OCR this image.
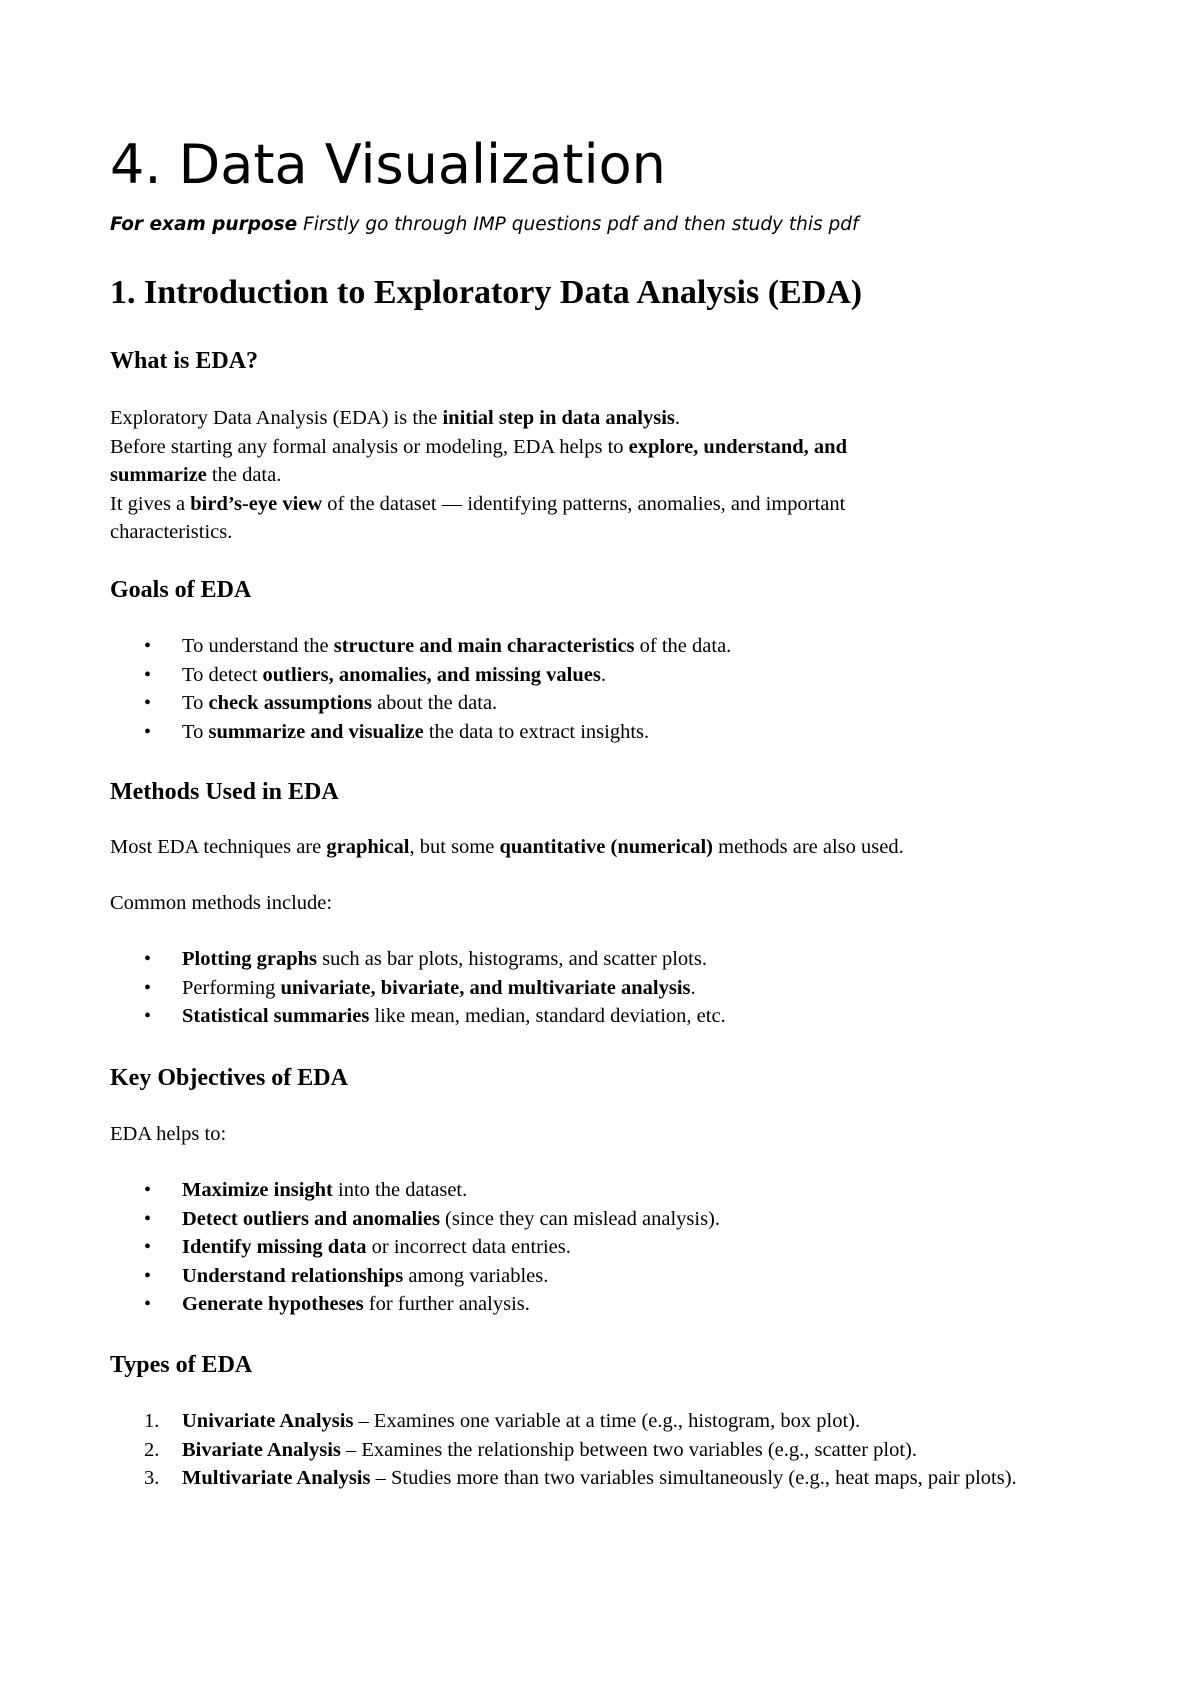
4. Data Visualization

For exam purpose Firstly go through IMP questions pdf and then study this pdf

1. Introduction to Exploratory Data Analysis (EDA)
What is EDA?
Exploratory Data Analysis (EDA) is the initial step in data analysis.
Before starting any formal analysis or modeling, EDA helps to explore, understand, and
summarize the data.
It gives a bird’s-eye view of the dataset — identifying patterns, anomalies, and important
characteristics.
Goals of EDA
• To understand the structure and main characteristics of the data.
• To detect outliers, anomalies, and missing values.
• To check assumptions about the data.
• To summarize and visualize the data to extract insights.
Methods Used in EDA

Most EDA techniques are graphical, but some quantitative (numerical) methods are also used.

Common methods include:

• Plotting graphs such as bar plots, histograms, and scatter plots.
• Performing univariate, bivariate, and multivariate analysis.
• Statistical summaries like mean, median, standard deviation, etc.
Key Objectives of EDA

EDA helps to:

• Maximize insight into the dataset.
• Detect outliers and anomalies (since they can mislead analysis).
• Identify missing data or incorrect data entries.
• Understand relationships among variables.
• Generate hypotheses for further analysis.
Types of EDA
1. Univariate Analysis – Examines one variable at a time (e.g., histogram, box plot).
2. Bivariate Analysis – Examines the relationship between two variables (e.g., scatter plot).
3. Multivariate Analysis – Studies more than two variables simultaneously (e.g., heat maps, pair plots).
